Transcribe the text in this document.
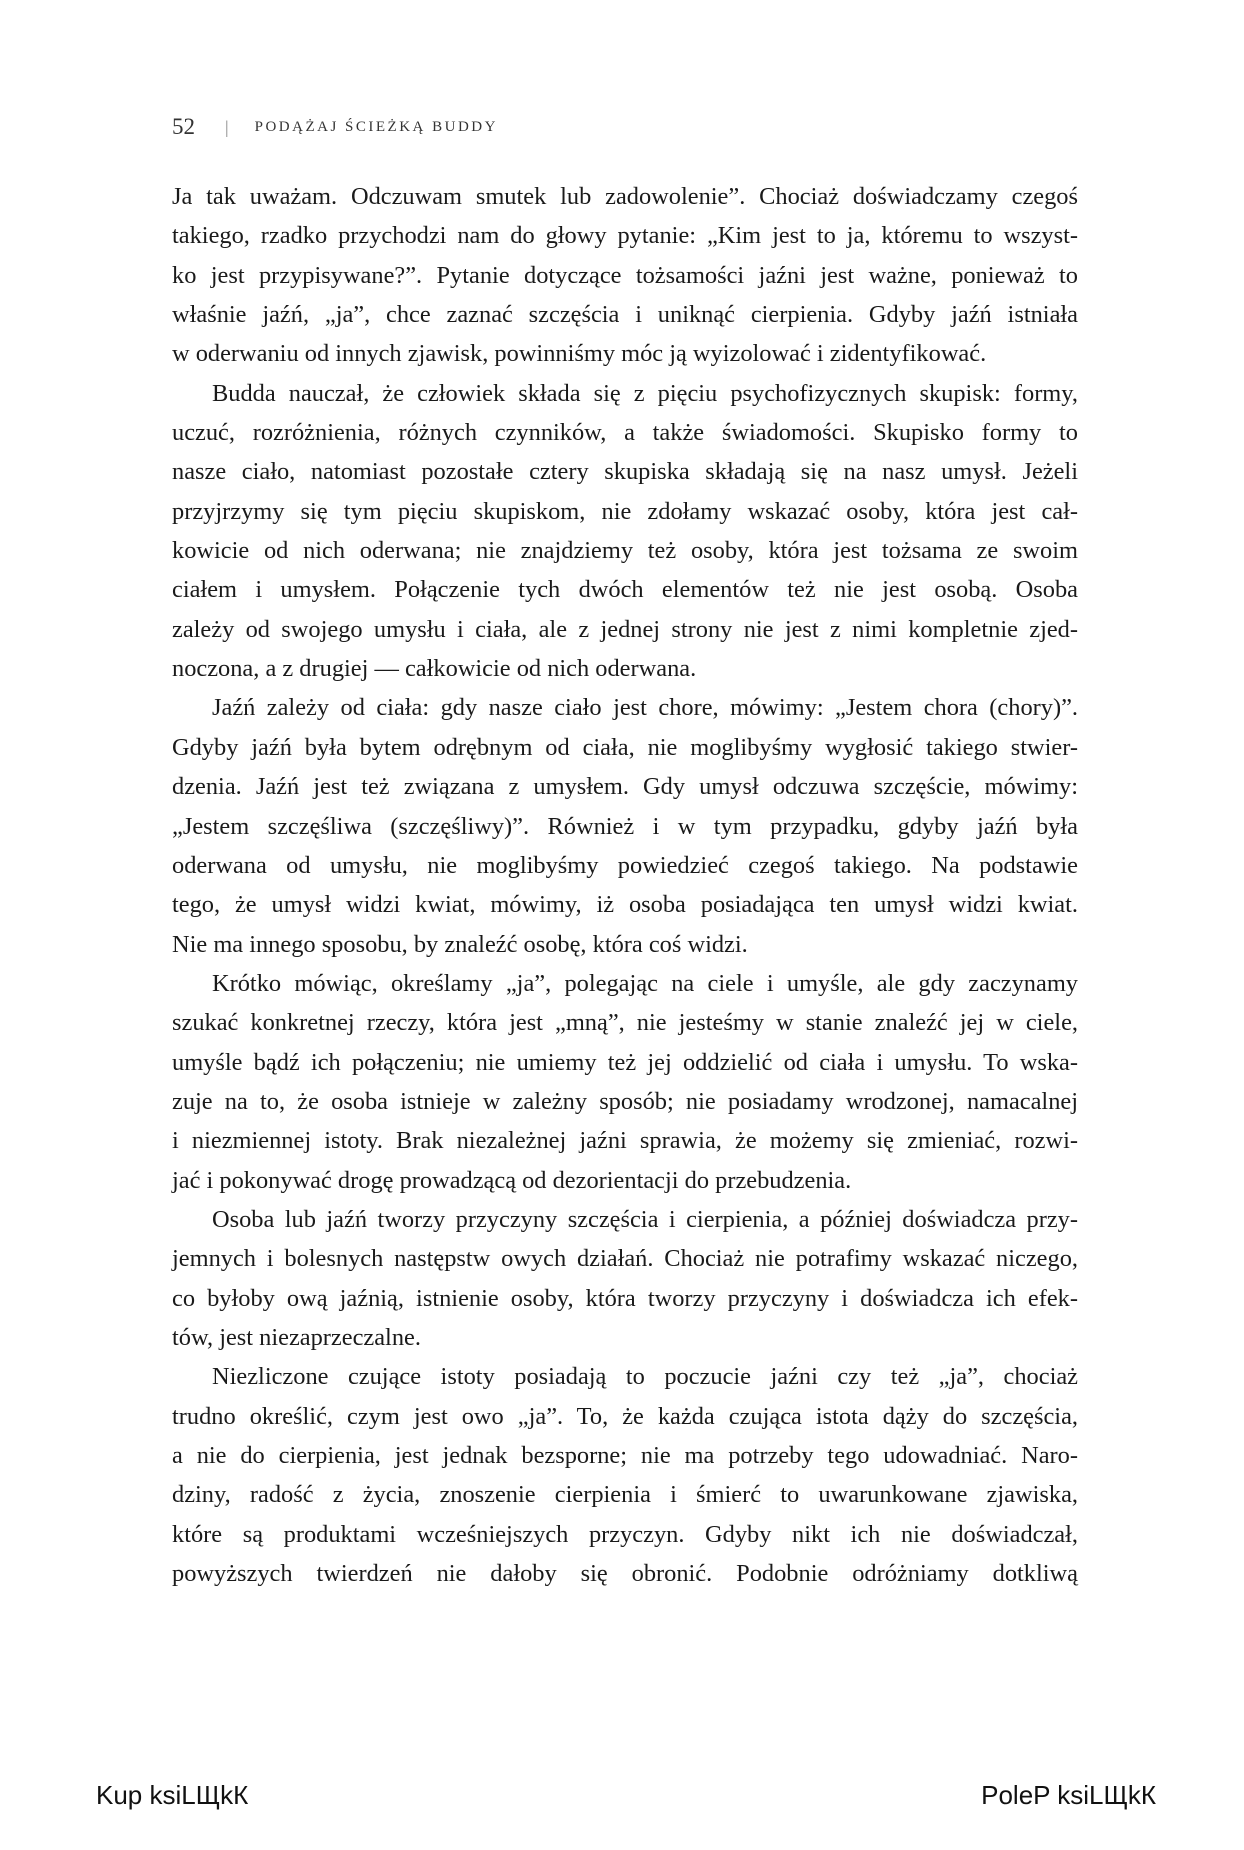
52 | PODĄŻAJ ŚCIEŻKĄ BUDDY
Ja tak uważam. Odczuwam smutek lub zadowolenie”. Chociaż doświadczamy czegoś
takiego, rzadko przychodzi nam do głowy pytanie: „Kim jest to ja, któremu to wszyst-
ko jest przypisywane?”. Pytanie dotyczące tożsamości jaźni jest ważne, ponieważ to
właśnie jaźń, „ja”, chce zaznać szczęścia i uniknąć cierpienia. Gdyby jaźń istniała
w oderwaniu od innych zjawisk, powinniśmy móc ją wyizolować i zidentyfikować.
Budda nauczał, że człowiek składa się z pięciu psychofizycznych skupisk: formy,
uczuć, rozróżnienia, różnych czynników, a także świadomości. Skupisko formy to
nasze ciało, natomiast pozostałe cztery skupiska składają się na nasz umysł. Jeżeli
przyjrzymy się tym pięciu skupiskom, nie zdołamy wskazać osoby, która jest cał-
kowicie od nich oderwana; nie znajdziemy też osoby, która jest tożsama ze swoim
ciałem i umysłem. Połączenie tych dwóch elementów też nie jest osobą. Osoba
zależy od swojego umysłu i ciała, ale z jednej strony nie jest z nimi kompletnie zjed-
noczona, a z drugiej — całkowicie od nich oderwana.
Jaźń zależy od ciała: gdy nasze ciało jest chore, mówimy: „Jestem chora (chory)”.
Gdyby jaźń była bytem odrębnym od ciała, nie moglibyśmy wygłosić takiego stwier-
dzenia. Jaźń jest też związana z umysłem. Gdy umysł odczuwa szczęście, mówimy:
„Jestem szczęśliwa (szczęśliwy)”. Również i w tym przypadku, gdyby jaźń była
oderwana od umysłu, nie moglibyśmy powiedzieć czegoś takiego. Na podstawie
tego, że umysł widzi kwiat, mówimy, iż osoba posiadająca ten umysł widzi kwiat.
Nie ma innego sposobu, by znaleźć osobę, która coś widzi.
Krótko mówiąc, określamy „ja”, polegając na ciele i umyśle, ale gdy zaczynamy
szukać konkretnej rzeczy, która jest „mną”, nie jesteśmy w stanie znaleźć jej w ciele,
umyśle bądź ich połączeniu; nie umiemy też jej oddzielić od ciała i umysłu. To wska-
zuje na to, że osoba istnieje w zależny sposób; nie posiadamy wrodzonej, namacalnej
i niezmiennej istoty. Brak niezależnej jaźni sprawia, że możemy się zmieniać, rozwi-
jać i pokonywać drogę prowadzącą od dezorientacji do przebudzenia.
Osoba lub jaźń tworzy przyczyny szczęścia i cierpienia, a później doświadcza przy-
jemnych i bolesnych następstw owych działań. Chociaż nie potrafimy wskazać niczego,
co byłoby ową jaźnią, istnienie osoby, która tworzy przyczyny i doświadcza ich efek-
tów, jest niezaprzeczalne.
Niezliczone czujące istoty posiadają to poczucie jaźni czy też „ja”, chociaż
trudno określić, czym jest owo „ja”. To, że każda czująca istota dąży do szczęścia,
a nie do cierpienia, jest jednak bezsporne; nie ma potrzeby tego udowadniać. Naro-
dziny, radość z życia, znoszenie cierpienia i śmierć to uwarunkowane zjawiska,
które są produktami wcześniejszych przyczyn. Gdyby nikt ich nie doświadczał,
powyższych twierdzeń nie dałoby się obronić. Podobnie odróżniamy dotkliwą
Kup ksiLЩkК	PoleP ksiLЩkК
